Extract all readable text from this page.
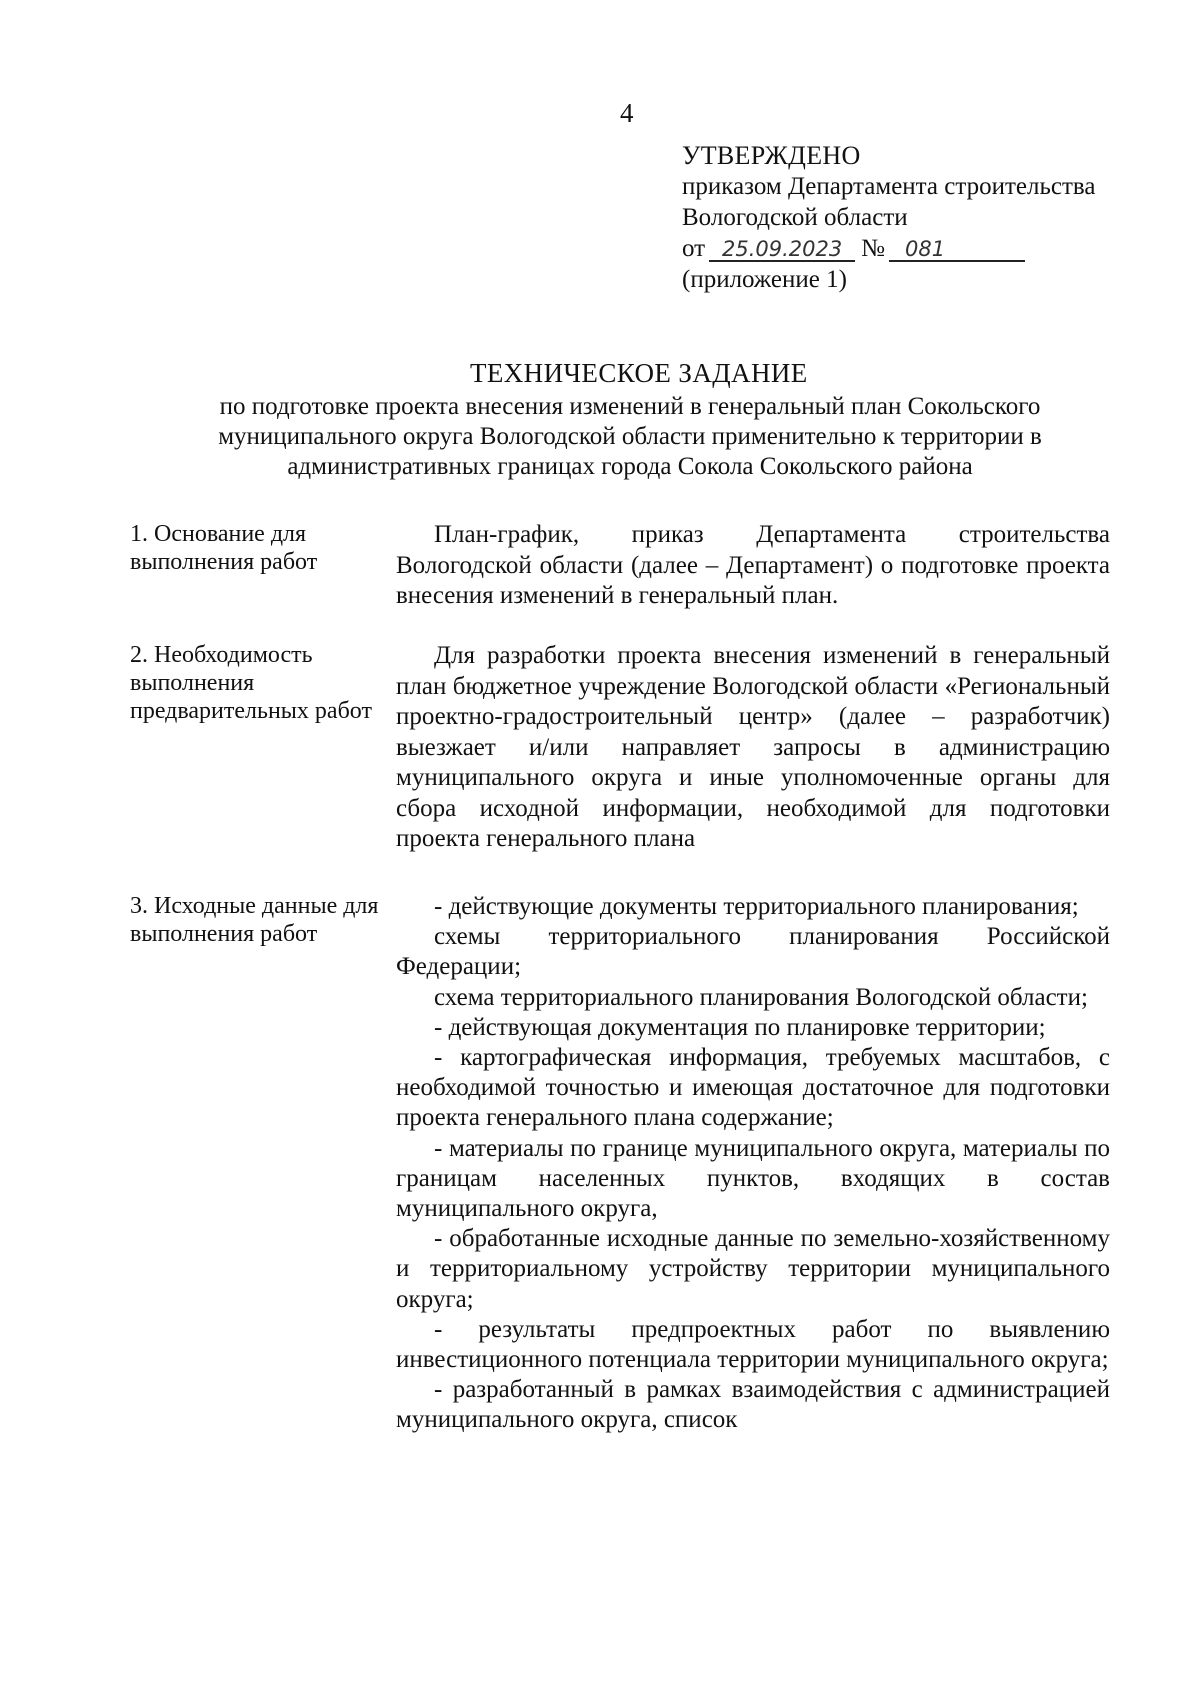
4
УТВЕРЖДЕНО
приказом Департамента строительства
Вологодской области
от 25.09.2023 № 081
(приложение 1)
ТЕХНИЧЕСКОЕ ЗАДАНИЕ
по подготовке проекта внесения изменений в генеральный план Сокольского муниципального округа Вологодской области применительно к территории в административных границах города Сокола Сокольского района
1. Основание для выполнения работ

План-график, приказ Департамента строительства Вологодской области (далее – Департамент) о подготовке проекта внесения изменений в генеральный план.

2. Необходимость выполнения предварительных работ

Для разработки проекта внесения изменений в генеральный план бюджетное учреждение Вологодской области «Региональный проектно-градостроительный центр» (далее – разработчик) выезжает и/или направляет запросы в администрацию муниципального округа и иные уполномоченные органы для сбора исходной информации, необходимой для подготовки проекта генерального плана

3. Исходные данные для выполнения работ

- действующие документы территориального планирования;

схемы территориального планирования Российской Федерации;

схема территориального планирования Вологодской области;

- действующая документация по планировке территории;

- картографическая информация, требуемых масштабов, с необходимой точностью и имеющая достаточное для подготовки проекта генерального плана содержание;

- материалы по границе муниципального округа, материалы по границам населенных пунктов, входящих в состав муниципального округа,

- обработанные исходные данные по земельно-хозяйственному и территориальному устройству территории муниципального округа;

- результаты предпроектных работ по выявлению инвестиционного потенциала территории муниципального округа;

- разработанный в рамках взаимодействия с администрацией муниципального округа, список
